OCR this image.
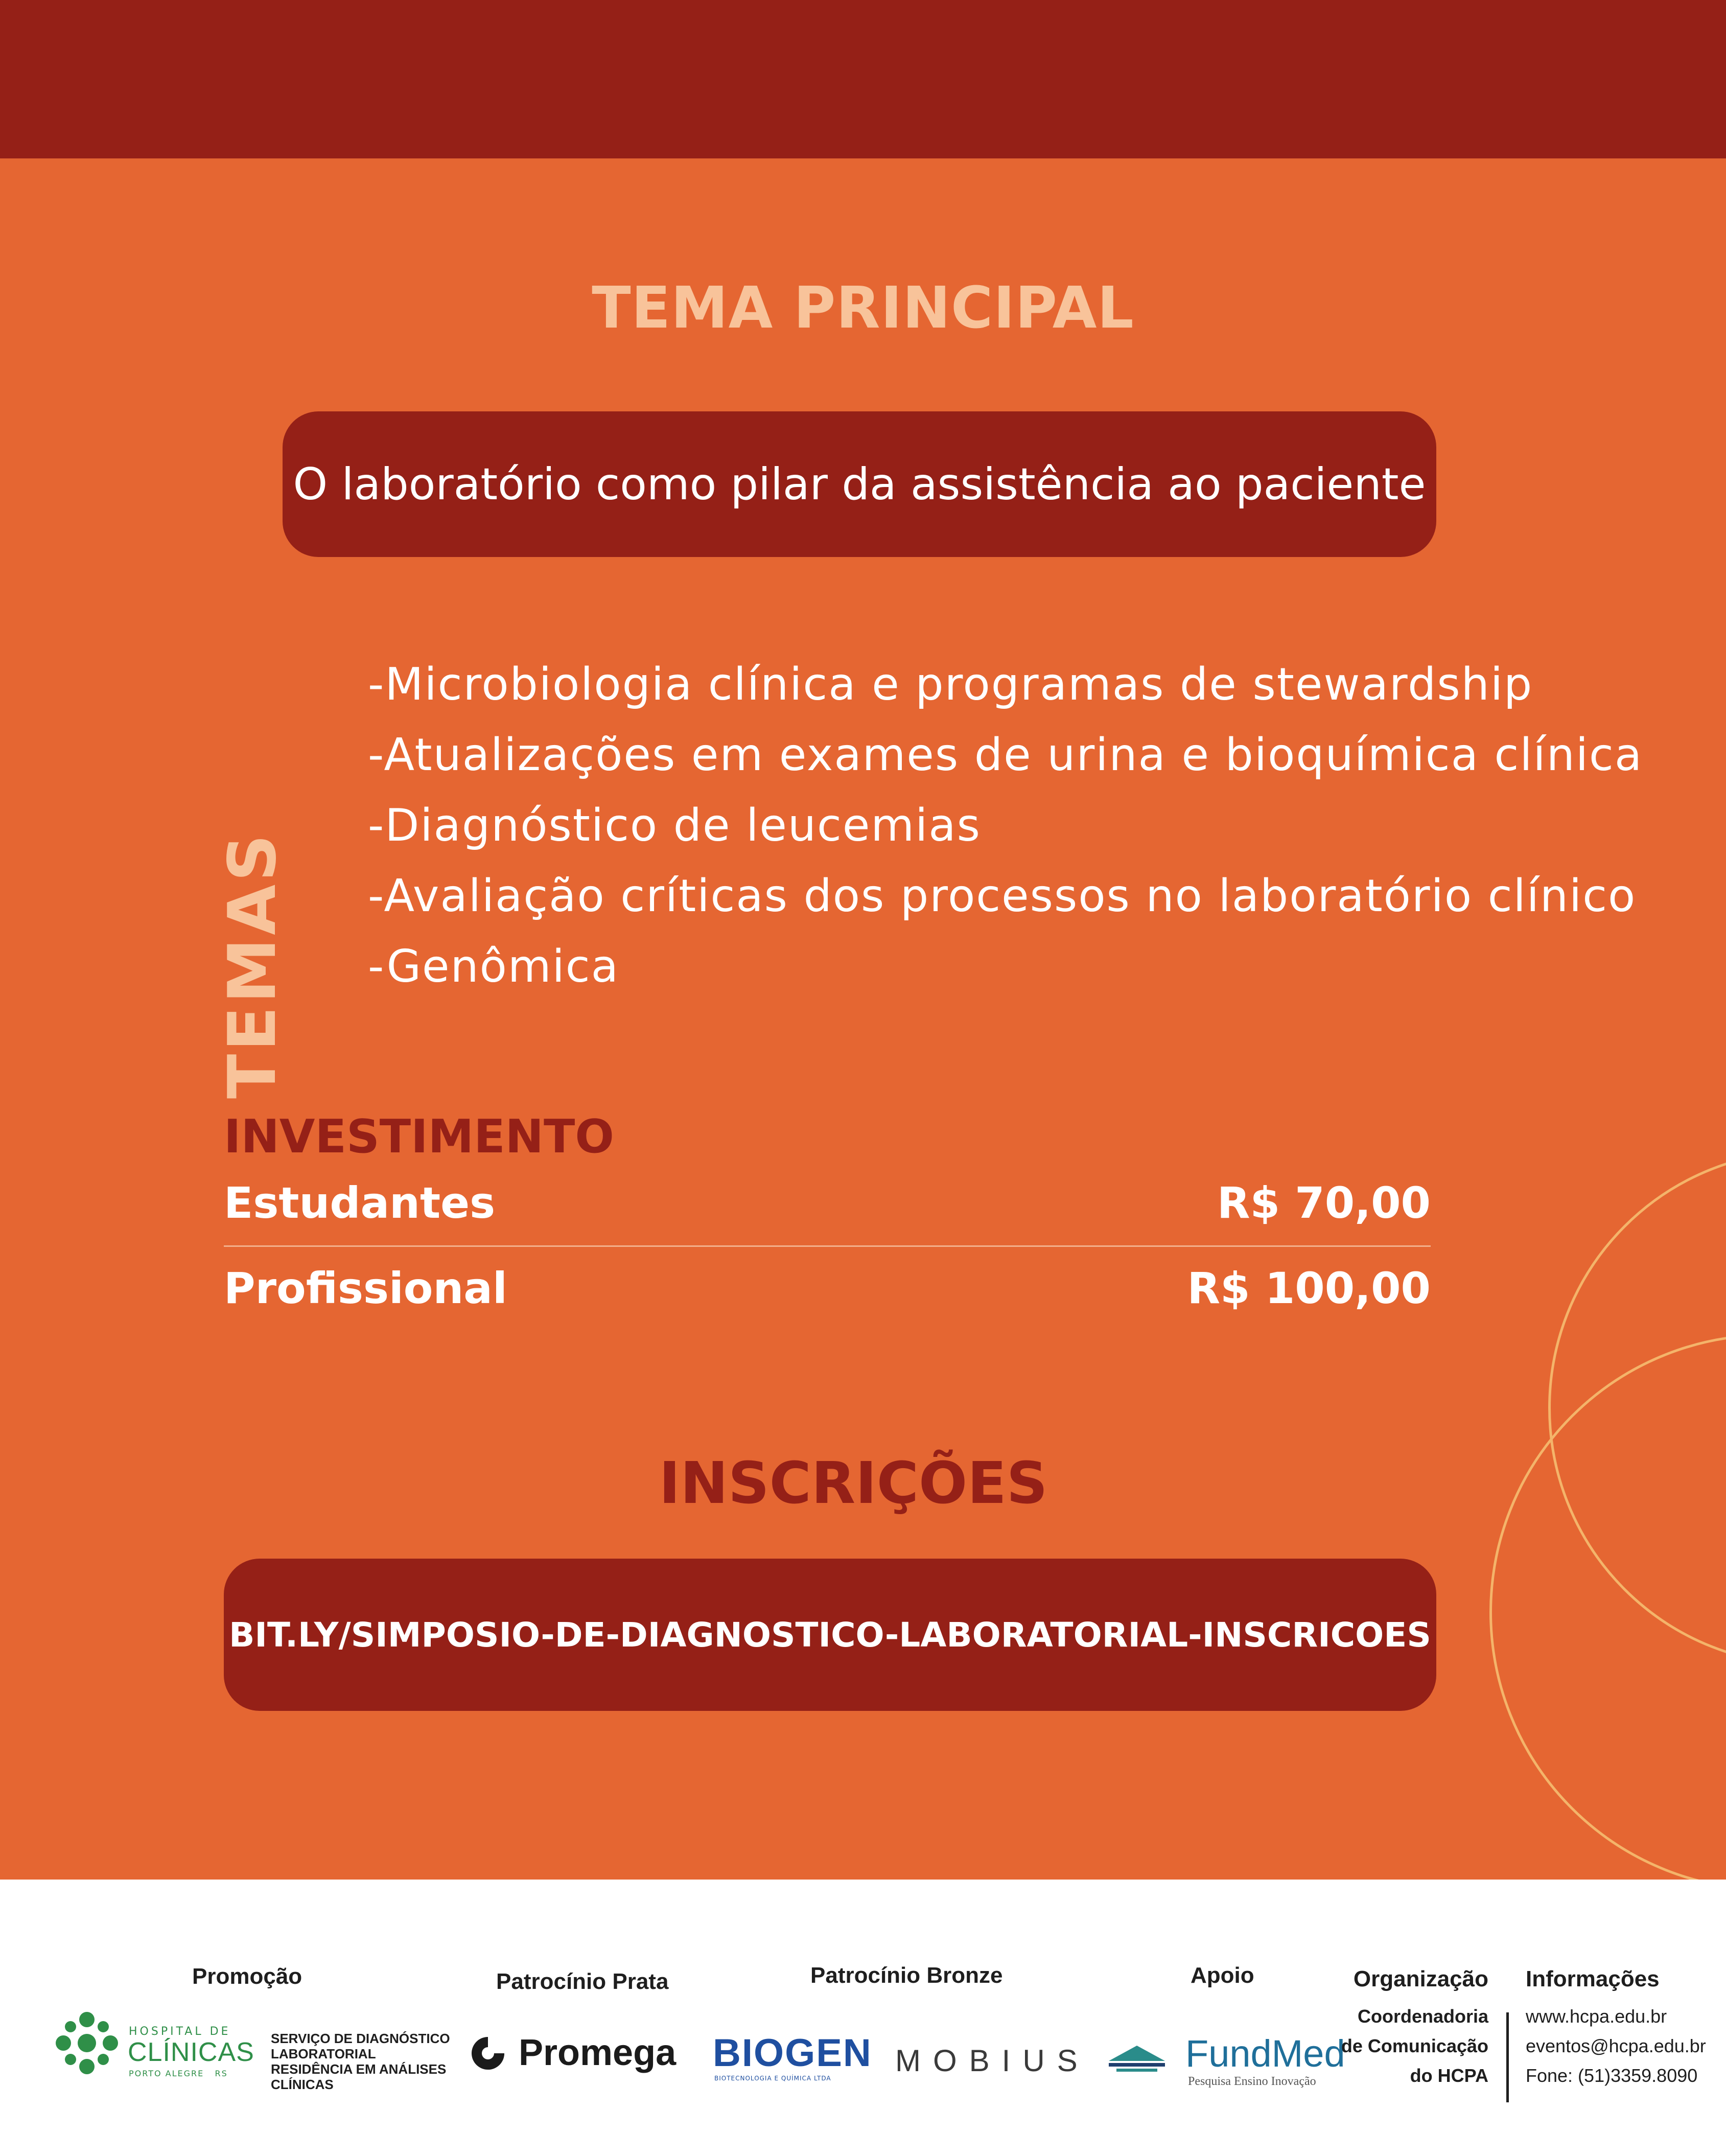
TEMA PRINCIPAL
O laboratório como pilar da assistência ao paciente
TEMAS
-Microbiologia clínica e programas de stewardship
-Atualizações em exames de urina e bioquímica clínica
-Diagnóstico de leucemias
-Avaliação críticas dos processos no laboratório clínico
-Genômica
INVESTIMENTO
Estudantes	R$ 70,00
Profissional	R$ 100,00
INSCRIÇÕES
BIT.LY/SIMPOSIO-DE-DIAGNOSTICO-LABORATORIAL-INSCRICOES
Promoção
HOSPITAL DE
CLÍNICAS
PORTO ALEGRE   RS
SERVIÇO DE DIAGNÓSTICO
LABORATORIAL
RESIDÊNCIA EM ANÁLISES
CLÍNICAS
Patrocínio Prata
Promega
Patrocínio Bronze
BIOGEN
BIOTECNOLOGIA E QUÍMICA LTDA
MOBIUS
Apoio
FundMed
Pesquisa Ensino Inovação
Organização
Coordenadoria
de Comunicação
do HCPA
Informações
www.hcpa.edu.br
eventos@hcpa.edu.br
Fone: (51)3359.8090
